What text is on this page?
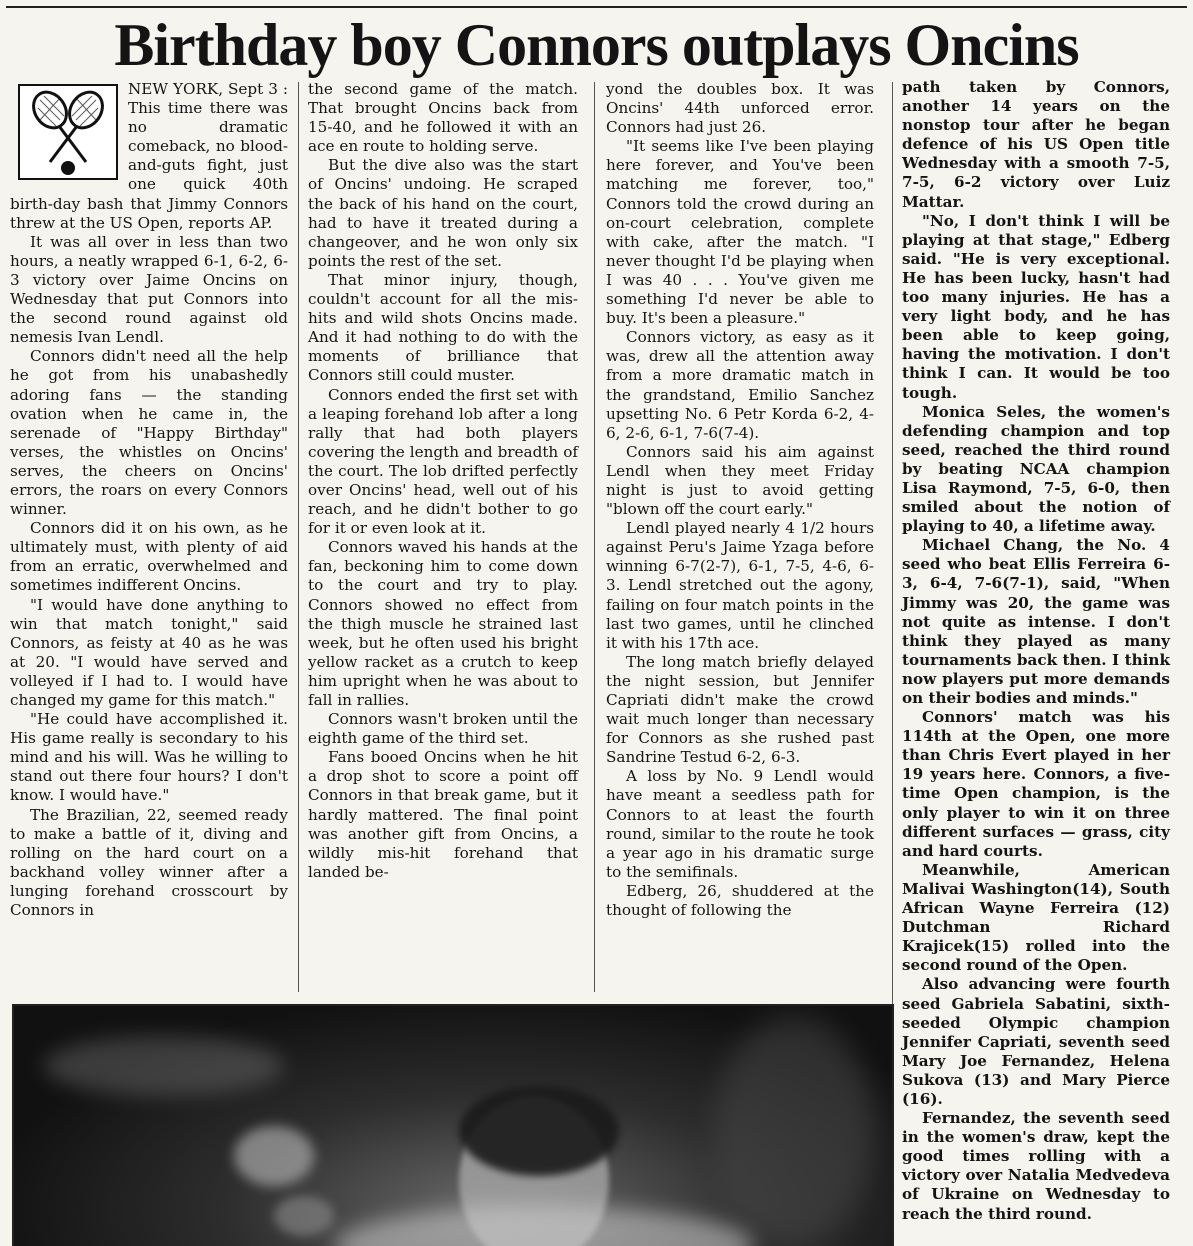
Birthday boy Connors outplays Oncins

NEW YORK, Sept 3 : This time there was no dramatic comeback, no blood-and-guts fight, just one quick 40th birth-day bash that Jimmy Connors threw at the US Open, reports AP.

It was all over in less than two hours, a neatly wrapped 6-1, 6-2, 6-3 victory over Jaime Oncins on Wednesday that put Connors into the second round against old nemesis Ivan Lendl.

Connors didn't need all the help he got from his unabashedly adoring fans — the standing ovation when he came in, the serenade of "Happy Birthday" verses, the whistles on Oncins' serves, the cheers on Oncins' errors, the roars on every Connors winner.

Connors did it on his own, as he ultimately must, with plenty of aid from an erratic, overwhelmed and sometimes indifferent Oncins.

"I would have done anything to win that match tonight," said Connors, as feisty at 40 as he was at 20. "I would have served and volleyed if I had to. I would have changed my game for this match."

"He could have accomplished it. His game really is secondary to his mind and his will. Was he willing to stand out there four hours? I don't know. I would have."

The Brazilian, 22, seemed ready to make a battle of it, diving and rolling on the hard court on a backhand volley winner after a lunging forehand crosscourt by Connors in

the second game of the match. That brought Oncins back from 15-40, and he followed it with an ace en route to holding serve.

But the dive also was the start of Oncins' undoing. He scraped the back of his hand on the court, had to have it treated during a changeover, and he won only six points the rest of the set.

That minor injury, though, couldn't account for all the mis-hits and wild shots Oncins made. And it had nothing to do with the moments of brilliance that Connors still could muster.

Connors ended the first set with a leaping forehand lob after a long rally that had both players covering the length and breadth of the court. The lob drifted perfectly over Oncins' head, well out of his reach, and he didn't bother to go for it or even look at it.

Connors waved his hands at the fan, beckoning him to come down to the court and try to play. Connors showed no effect from the thigh muscle he strained last week, but he often used his bright yellow racket as a crutch to keep him upright when he was about to fall in rallies.

Connors wasn't broken until the eighth game of the third set.

Fans booed Oncins when he hit a drop shot to score a point off Connors in that break game, but it hardly mattered. The final point was another gift from Oncins, a wildly mis-hit forehand that landed be-

yond the doubles box. It was Oncins' 44th unforced error. Connors had just 26.

"It seems like I've been playing here forever, and You've been matching me forever, too," Connors told the crowd during an on-court celebration, complete with cake, after the match. "I never thought I'd be playing when I was 40 . . . You've given me something I'd never be able to buy. It's been a pleasure."

Connors victory, as easy as it was, drew all the attention away from a more dramatic match in the grandstand, Emilio Sanchez upsetting No. 6 Petr Korda 6-2, 4-6, 2-6, 6-1, 7-6(7-4).

Connors said his aim against Lendl when they meet Friday night is just to avoid getting "blown off the court early."

Lendl played nearly 4 1/2 hours against Peru's Jaime Yzaga before winning 6-7(2-7), 6-1, 7-5, 4-6, 6-3. Lendl stretched out the agony, failing on four match points in the last two games, until he clinched it with his 17th ace.

The long match briefly delayed the night session, but Jennifer Capriati didn't make the crowd wait much longer than necessary for Connors as she rushed past Sandrine Testud 6-2, 6-3.

A loss by No. 9 Lendl would have meant a seedless path for Connors to at least the fourth round, similar to the route he took a year ago in his dramatic surge to the semifinals.

Edberg, 26, shuddered at the thought of following the

path taken by Connors, another 14 years on the nonstop tour after he began defence of his US Open title Wednesday with a smooth 7-5, 7-5, 6-2 victory over Luiz Mattar.

"No, I don't think I will be playing at that stage," Edberg said. "He is very exceptional. He has been lucky, hasn't had too many injuries. He has a very light body, and he has been able to keep going, having the motivation. I don't think I can. It would be too tough.

Monica Seles, the women's defending champion and top seed, reached the third round by beating NCAA champion Lisa Raymond, 7-5, 6-0, then smiled about the notion of playing to 40, a lifetime away.

Michael Chang, the No. 4 seed who beat Ellis Ferreira 6-3, 6-4, 7-6(7-1), said, "When Jimmy was 20, the game was not quite as intense. I don't think they played as many tournaments back then. I think now players put more demands on their bodies and minds."

Connors' match was his 114th at the Open, one more than Chris Evert played in her 19 years here. Connors, a five-time Open champion, is the only player to win it on three different surfaces — grass, city and hard courts.

Meanwhile, American Malivai Washington(14), South African Wayne Ferreira (12) Dutchman Richard Krajicek(15) rolled into the second round of the Open.

Also advancing were fourth seed Gabriela Sabatini, sixth-seeded Olympic champion Jennifer Capriati, seventh seed Mary Joe Fernandez, Helena Sukova (13) and Mary Pierce (16).

Fernandez, the seventh seed in the women's draw, kept the good times rolling with a victory over Natalia Medvedeva of Ukraine on Wednesday to reach the third round.
